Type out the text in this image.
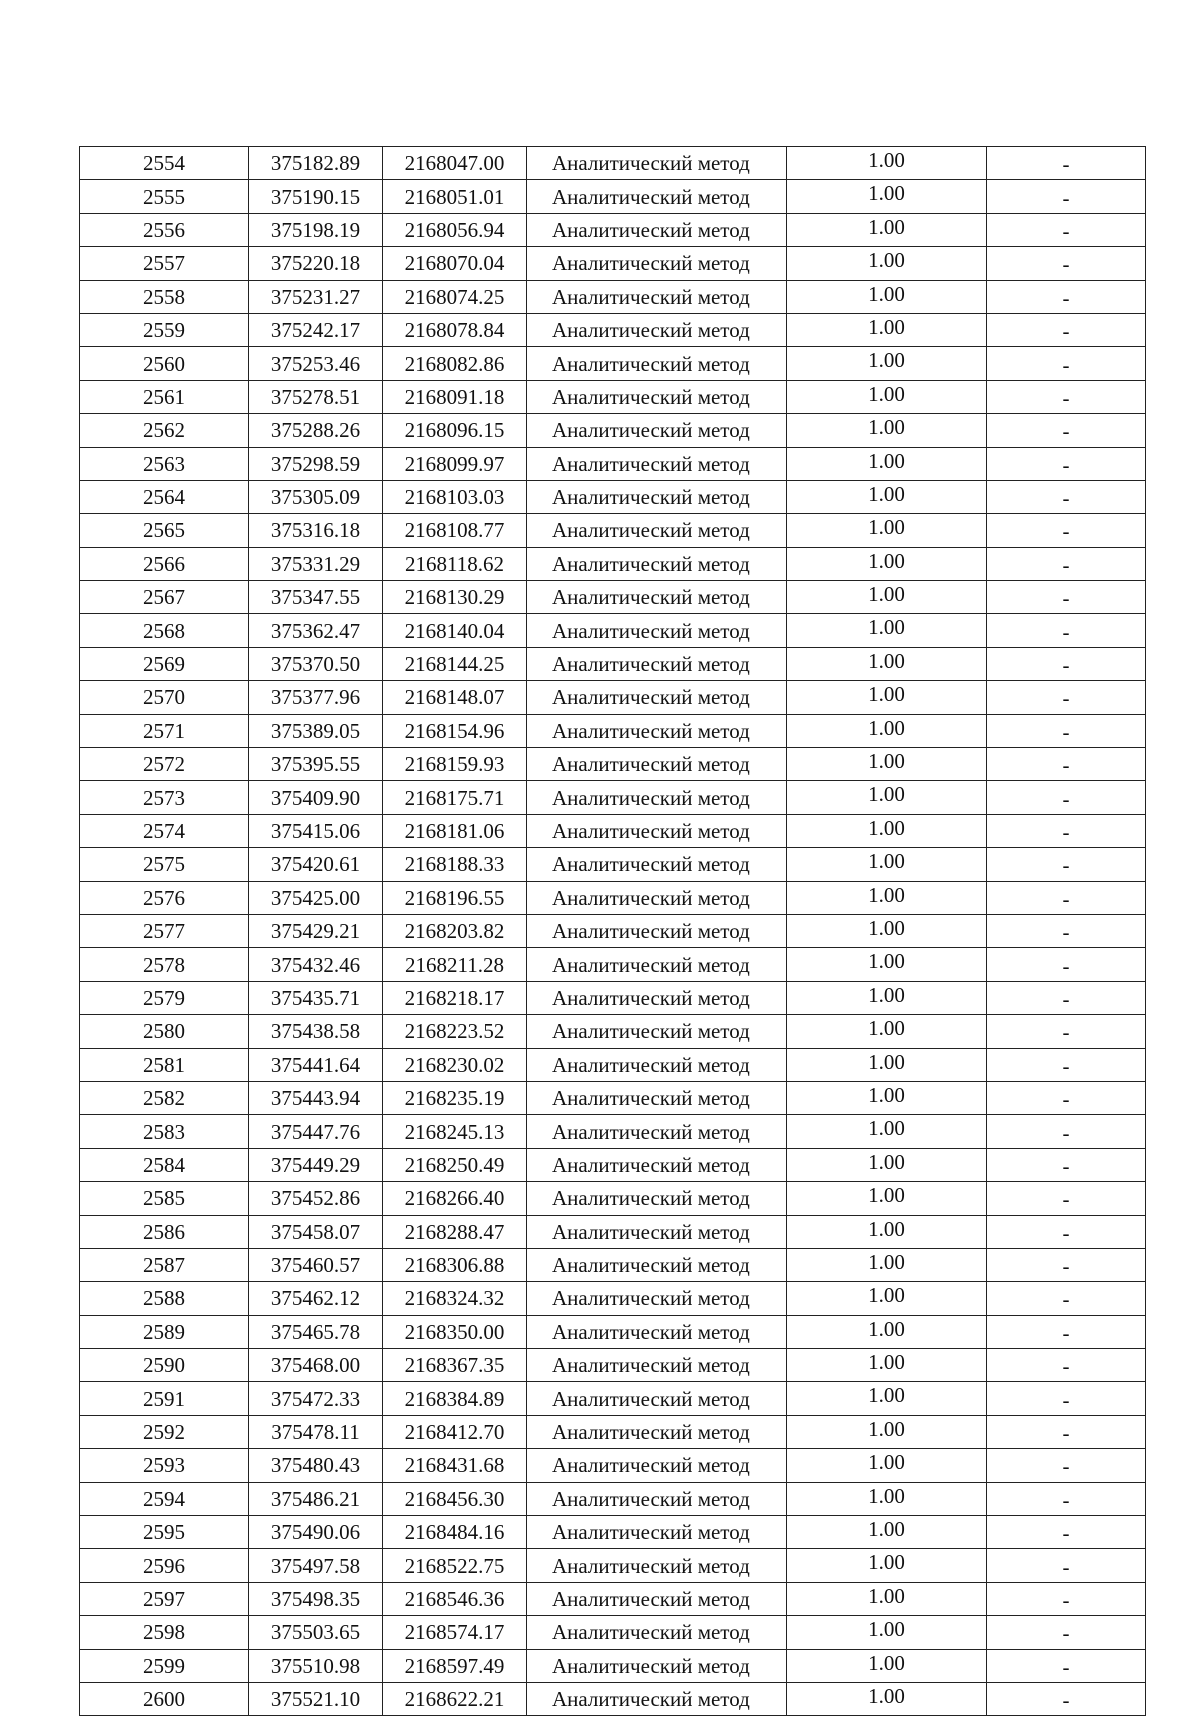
2554	375182.89	2168047.00	Аналитический метод	1.00	-
2555	375190.15	2168051.01	Аналитический метод	1.00	-
2556	375198.19	2168056.94	Аналитический метод	1.00	-
2557	375220.18	2168070.04	Аналитический метод	1.00	-
2558	375231.27	2168074.25	Аналитический метод	1.00	-
2559	375242.17	2168078.84	Аналитический метод	1.00	-
2560	375253.46	2168082.86	Аналитический метод	1.00	-
2561	375278.51	2168091.18	Аналитический метод	1.00	-
2562	375288.26	2168096.15	Аналитический метод	1.00	-
2563	375298.59	2168099.97	Аналитический метод	1.00	-
2564	375305.09	2168103.03	Аналитический метод	1.00	-
2565	375316.18	2168108.77	Аналитический метод	1.00	-
2566	375331.29	2168118.62	Аналитический метод	1.00	-
2567	375347.55	2168130.29	Аналитический метод	1.00	-
2568	375362.47	2168140.04	Аналитический метод	1.00	-
2569	375370.50	2168144.25	Аналитический метод	1.00	-
2570	375377.96	2168148.07	Аналитический метод	1.00	-
2571	375389.05	2168154.96	Аналитический метод	1.00	-
2572	375395.55	2168159.93	Аналитический метод	1.00	-
2573	375409.90	2168175.71	Аналитический метод	1.00	-
2574	375415.06	2168181.06	Аналитический метод	1.00	-
2575	375420.61	2168188.33	Аналитический метод	1.00	-
2576	375425.00	2168196.55	Аналитический метод	1.00	-
2577	375429.21	2168203.82	Аналитический метод	1.00	-
2578	375432.46	2168211.28	Аналитический метод	1.00	-
2579	375435.71	2168218.17	Аналитический метод	1.00	-
2580	375438.58	2168223.52	Аналитический метод	1.00	-
2581	375441.64	2168230.02	Аналитический метод	1.00	-
2582	375443.94	2168235.19	Аналитический метод	1.00	-
2583	375447.76	2168245.13	Аналитический метод	1.00	-
2584	375449.29	2168250.49	Аналитический метод	1.00	-
2585	375452.86	2168266.40	Аналитический метод	1.00	-
2586	375458.07	2168288.47	Аналитический метод	1.00	-
2587	375460.57	2168306.88	Аналитический метод	1.00	-
2588	375462.12	2168324.32	Аналитический метод	1.00	-
2589	375465.78	2168350.00	Аналитический метод	1.00	-
2590	375468.00	2168367.35	Аналитический метод	1.00	-
2591	375472.33	2168384.89	Аналитический метод	1.00	-
2592	375478.11	2168412.70	Аналитический метод	1.00	-
2593	375480.43	2168431.68	Аналитический метод	1.00	-
2594	375486.21	2168456.30	Аналитический метод	1.00	-
2595	375490.06	2168484.16	Аналитический метод	1.00	-
2596	375497.58	2168522.75	Аналитический метод	1.00	-
2597	375498.35	2168546.36	Аналитический метод	1.00	-
2598	375503.65	2168574.17	Аналитический метод	1.00	-
2599	375510.98	2168597.49	Аналитический метод	1.00	-
2600	375521.10	2168622.21	Аналитический метод	1.00	-
